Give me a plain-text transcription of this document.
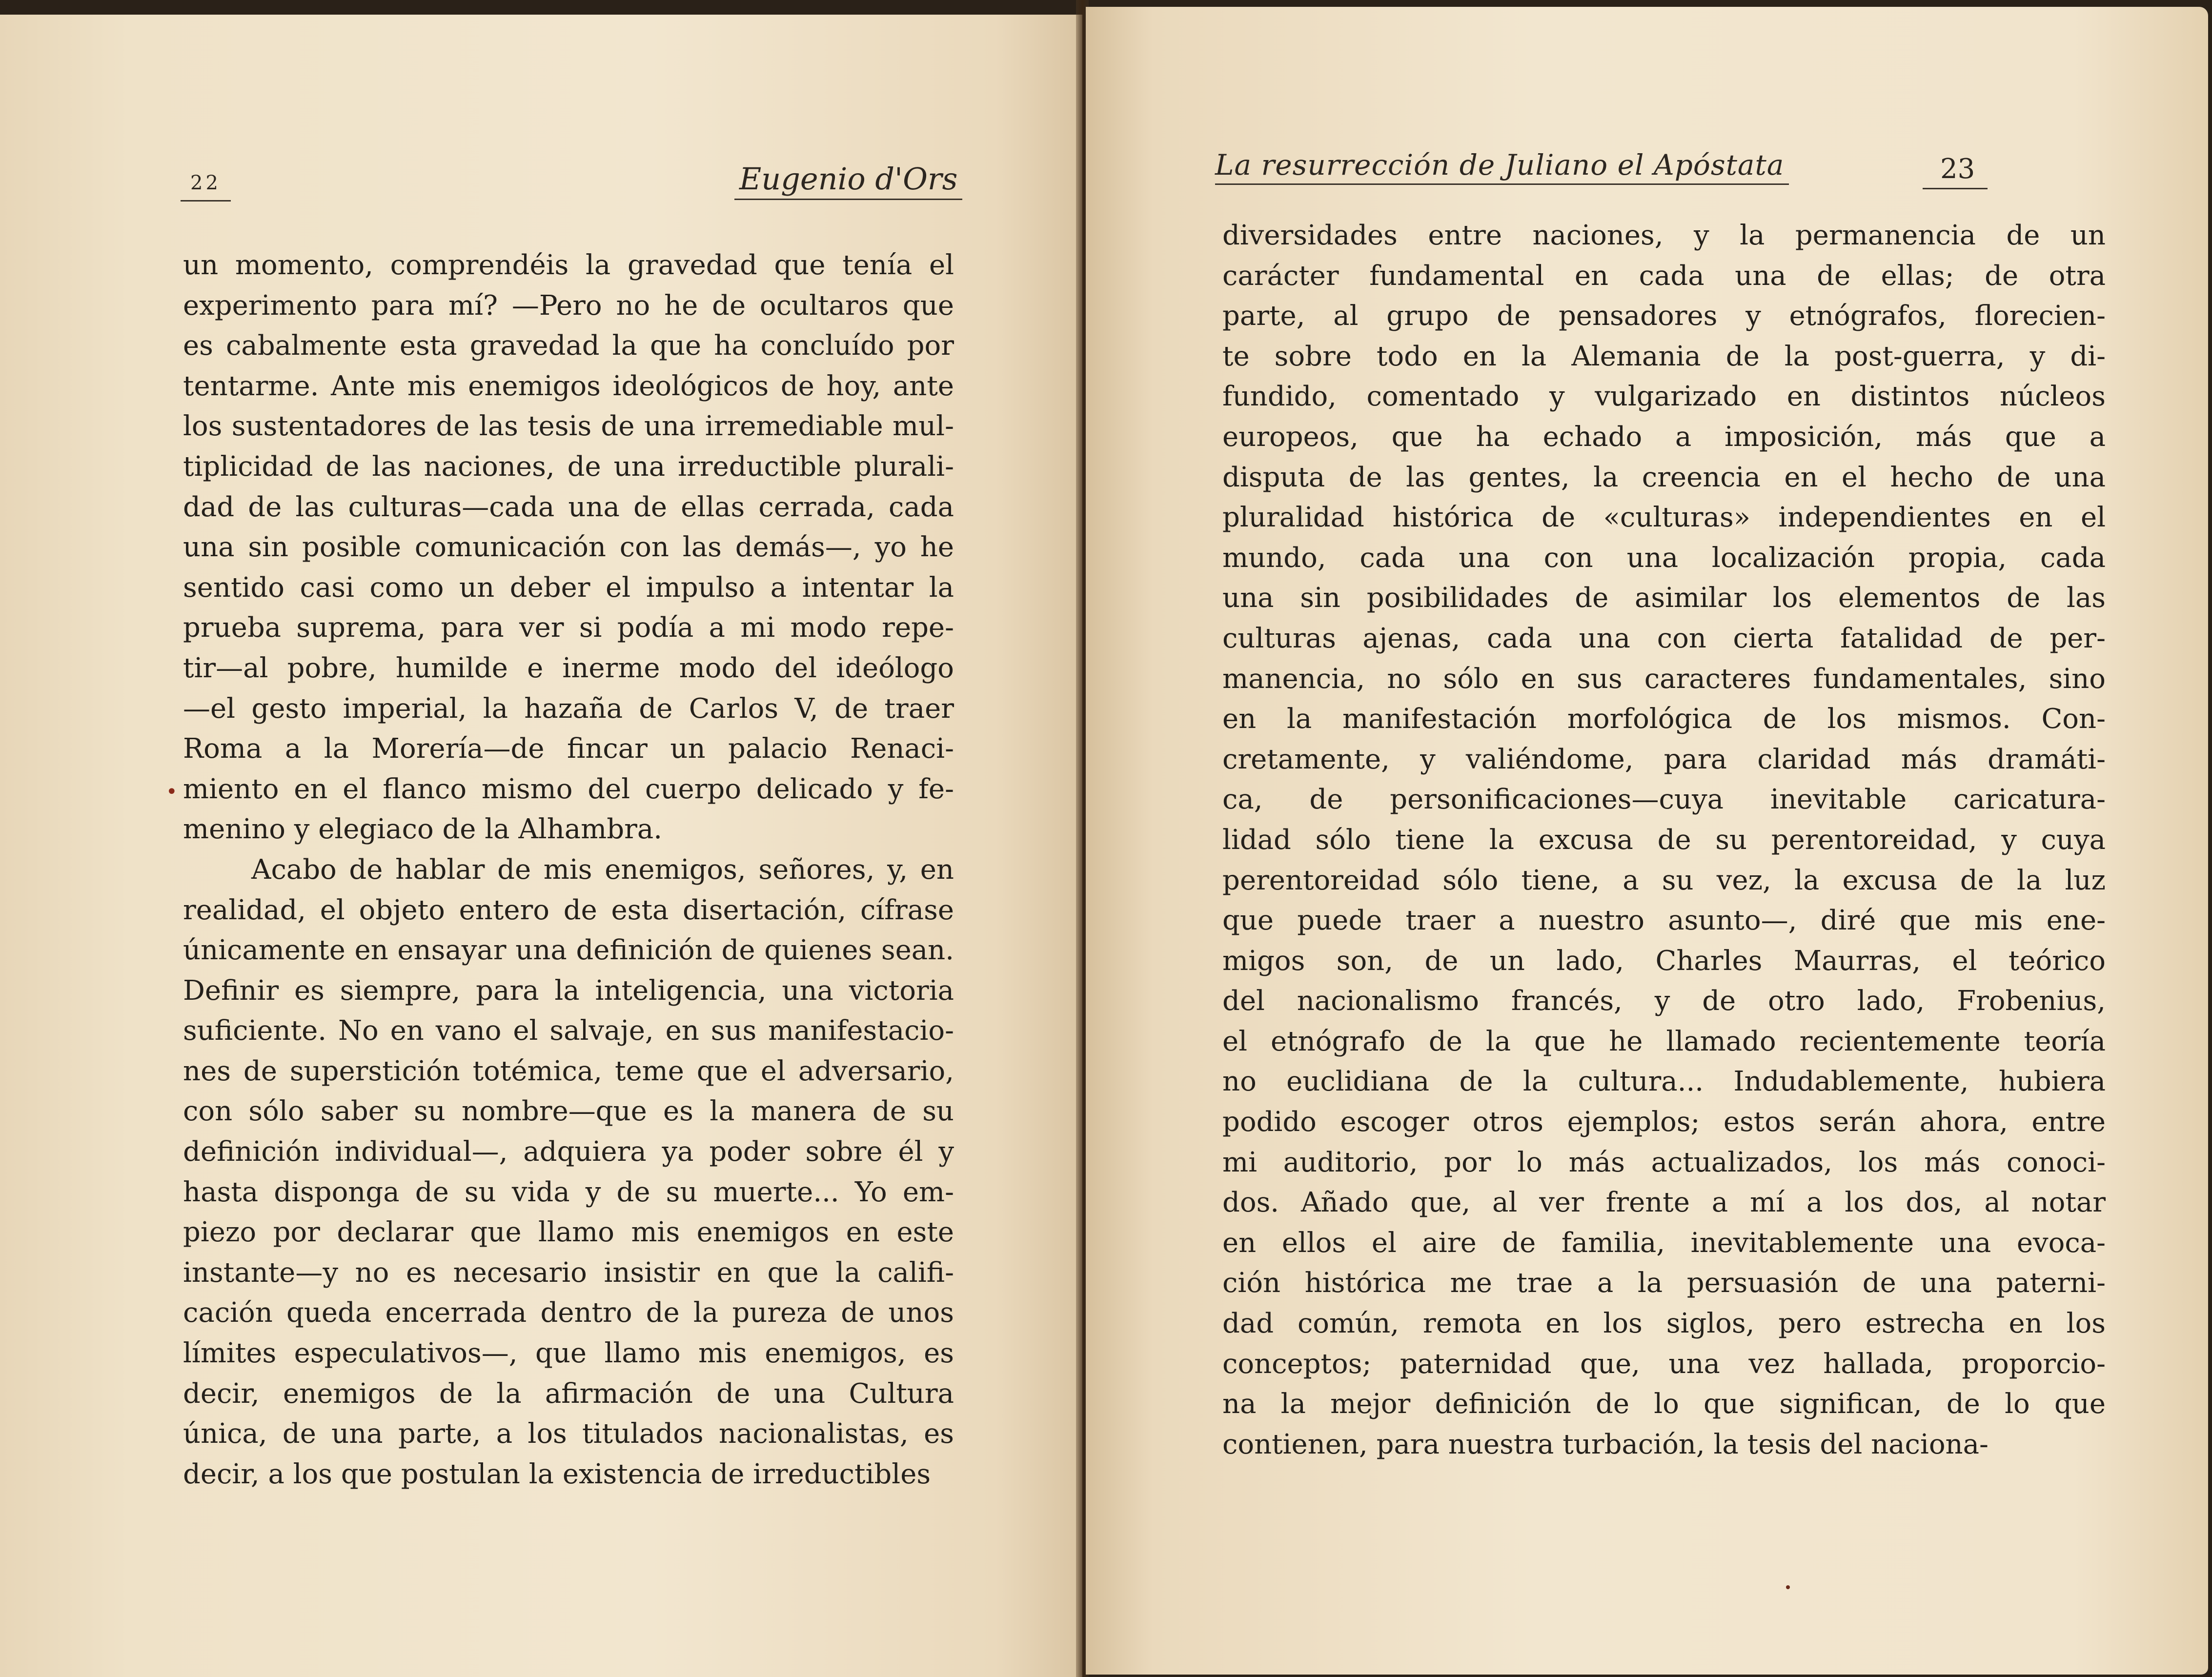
22	Eugenio d'Ors
•
un momento, comprendéis la gravedad que tenía el
experimento para mí? —Pero no he de ocultaros que
es cabalmente esta gravedad la que ha concluído por
tentarme. Ante mis enemigos ideológicos de hoy, ante
los sustentadores de las tesis de una irremediable mul-
tiplicidad de las naciones, de una irreductible plurali-
dad de las culturas—cada una de ellas cerrada, cada
una sin posible comunicación con las demás—, yo he
sentido casi como un deber el impulso a intentar la
prueba suprema, para ver si podía a mi modo repe-
tir—al pobre, humilde e inerme modo del ideólogo
—el gesto imperial, la hazaña de Carlos V, de traer
Roma a la Morería—de fincar un palacio Renaci-
miento en el flanco mismo del cuerpo delicado y fe-
menino y elegiaco de la Alhambra.
Acabo de hablar de mis enemigos, señores, y, en
realidad, el objeto entero de esta disertación, cífrase
únicamente en ensayar una definición de quienes sean.
Definir es siempre, para la inteligencia, una victoria
suficiente. No en vano el salvaje, en sus manifestacio-
nes de superstición totémica, teme que el adversario,
con sólo saber su nombre—que es la manera de su
definición individual—, adquiera ya poder sobre él y
hasta disponga de su vida y de su muerte... Yo em-
piezo por declarar que llamo mis enemigos en este
instante—y no es necesario insistir en que la califi-
cación queda encerrada dentro de la pureza de unos
límites especulativos—, que llamo mis enemigos, es
decir, enemigos de la afirmación de una Cultura
única, de una parte, a los titulados nacionalistas, es
decir, a los que postulan la existencia de irreductibles
La resurrección de Juliano el Apóstata	23
diversidades entre naciones, y la permanencia de un
carácter fundamental en cada una de ellas; de otra
parte, al grupo de pensadores y etnógrafos, florecien-
te sobre todo en la Alemania de la post-guerra, y di-
fundido, comentado y vulgarizado en distintos núcleos
europeos, que ha echado a imposición, más que a
disputa de las gentes, la creencia en el hecho de una
pluralidad histórica de «culturas» independientes en el
mundo, cada una con una localización propia, cada
una sin posibilidades de asimilar los elementos de las
culturas ajenas, cada una con cierta fatalidad de per-
manencia, no sólo en sus caracteres fundamentales, sino
en la manifestación morfológica de los mismos. Con-
cretamente, y valiéndome, para claridad más dramáti-
ca, de personificaciones—cuya inevitable caricatura-
lidad sólo tiene la excusa de su perentoreidad, y cuya
perentoreidad sólo tiene, a su vez, la excusa de la luz
que puede traer a nuestro asunto—, diré que mis ene-
migos son, de un lado, Charles Maurras, el teórico
del nacionalismo francés, y de otro lado, Frobenius,
el etnógrafo de la que he llamado recientemente teoría
no euclidiana de la cultura... Indudablemente, hubiera
podido escoger otros ejemplos; estos serán ahora, entre
mi auditorio, por lo más actualizados, los más conoci-
dos. Añado que, al ver frente a mí a los dos, al notar
en ellos el aire de familia, inevitablemente una evoca-
ción histórica me trae a la persuasión de una paterni-
dad común, remota en los siglos, pero estrecha en los
conceptos; paternidad que, una vez hallada, proporcio-
na la mejor definición de lo que significan, de lo que
contienen, para nuestra turbación, la tesis del naciona-
